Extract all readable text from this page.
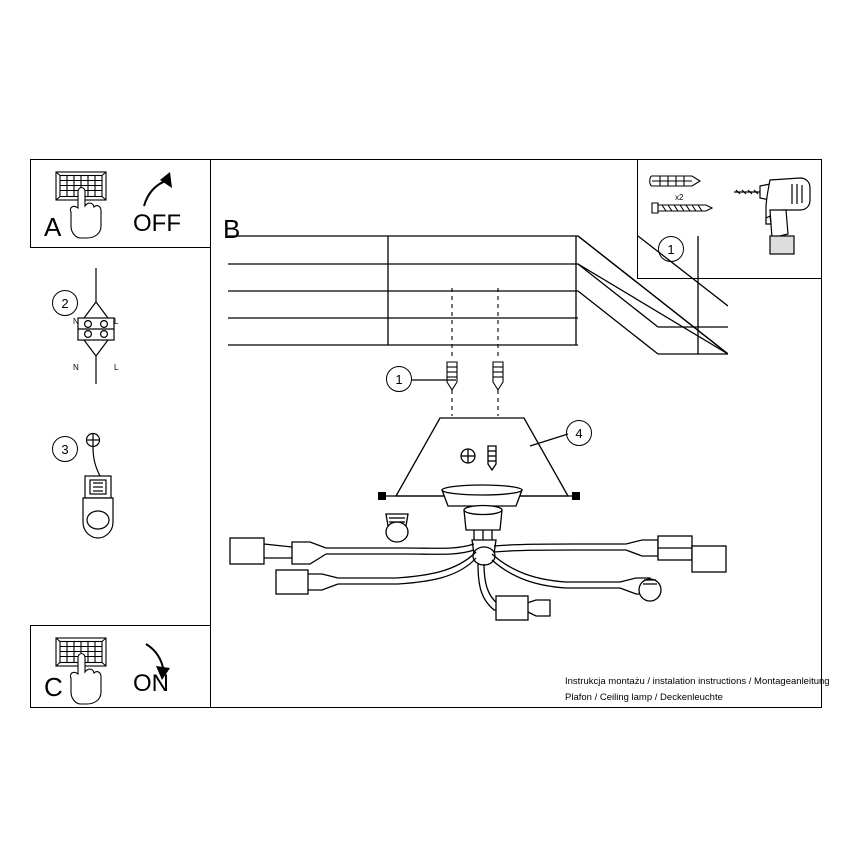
A	OFF
C	ON
2
N	L
N	L
3
1
x2
B
1
4
Instrukcja montażu / instalation instructions / Montageanleitung
Plafon / Ceiling lamp / Deckenleuchte
